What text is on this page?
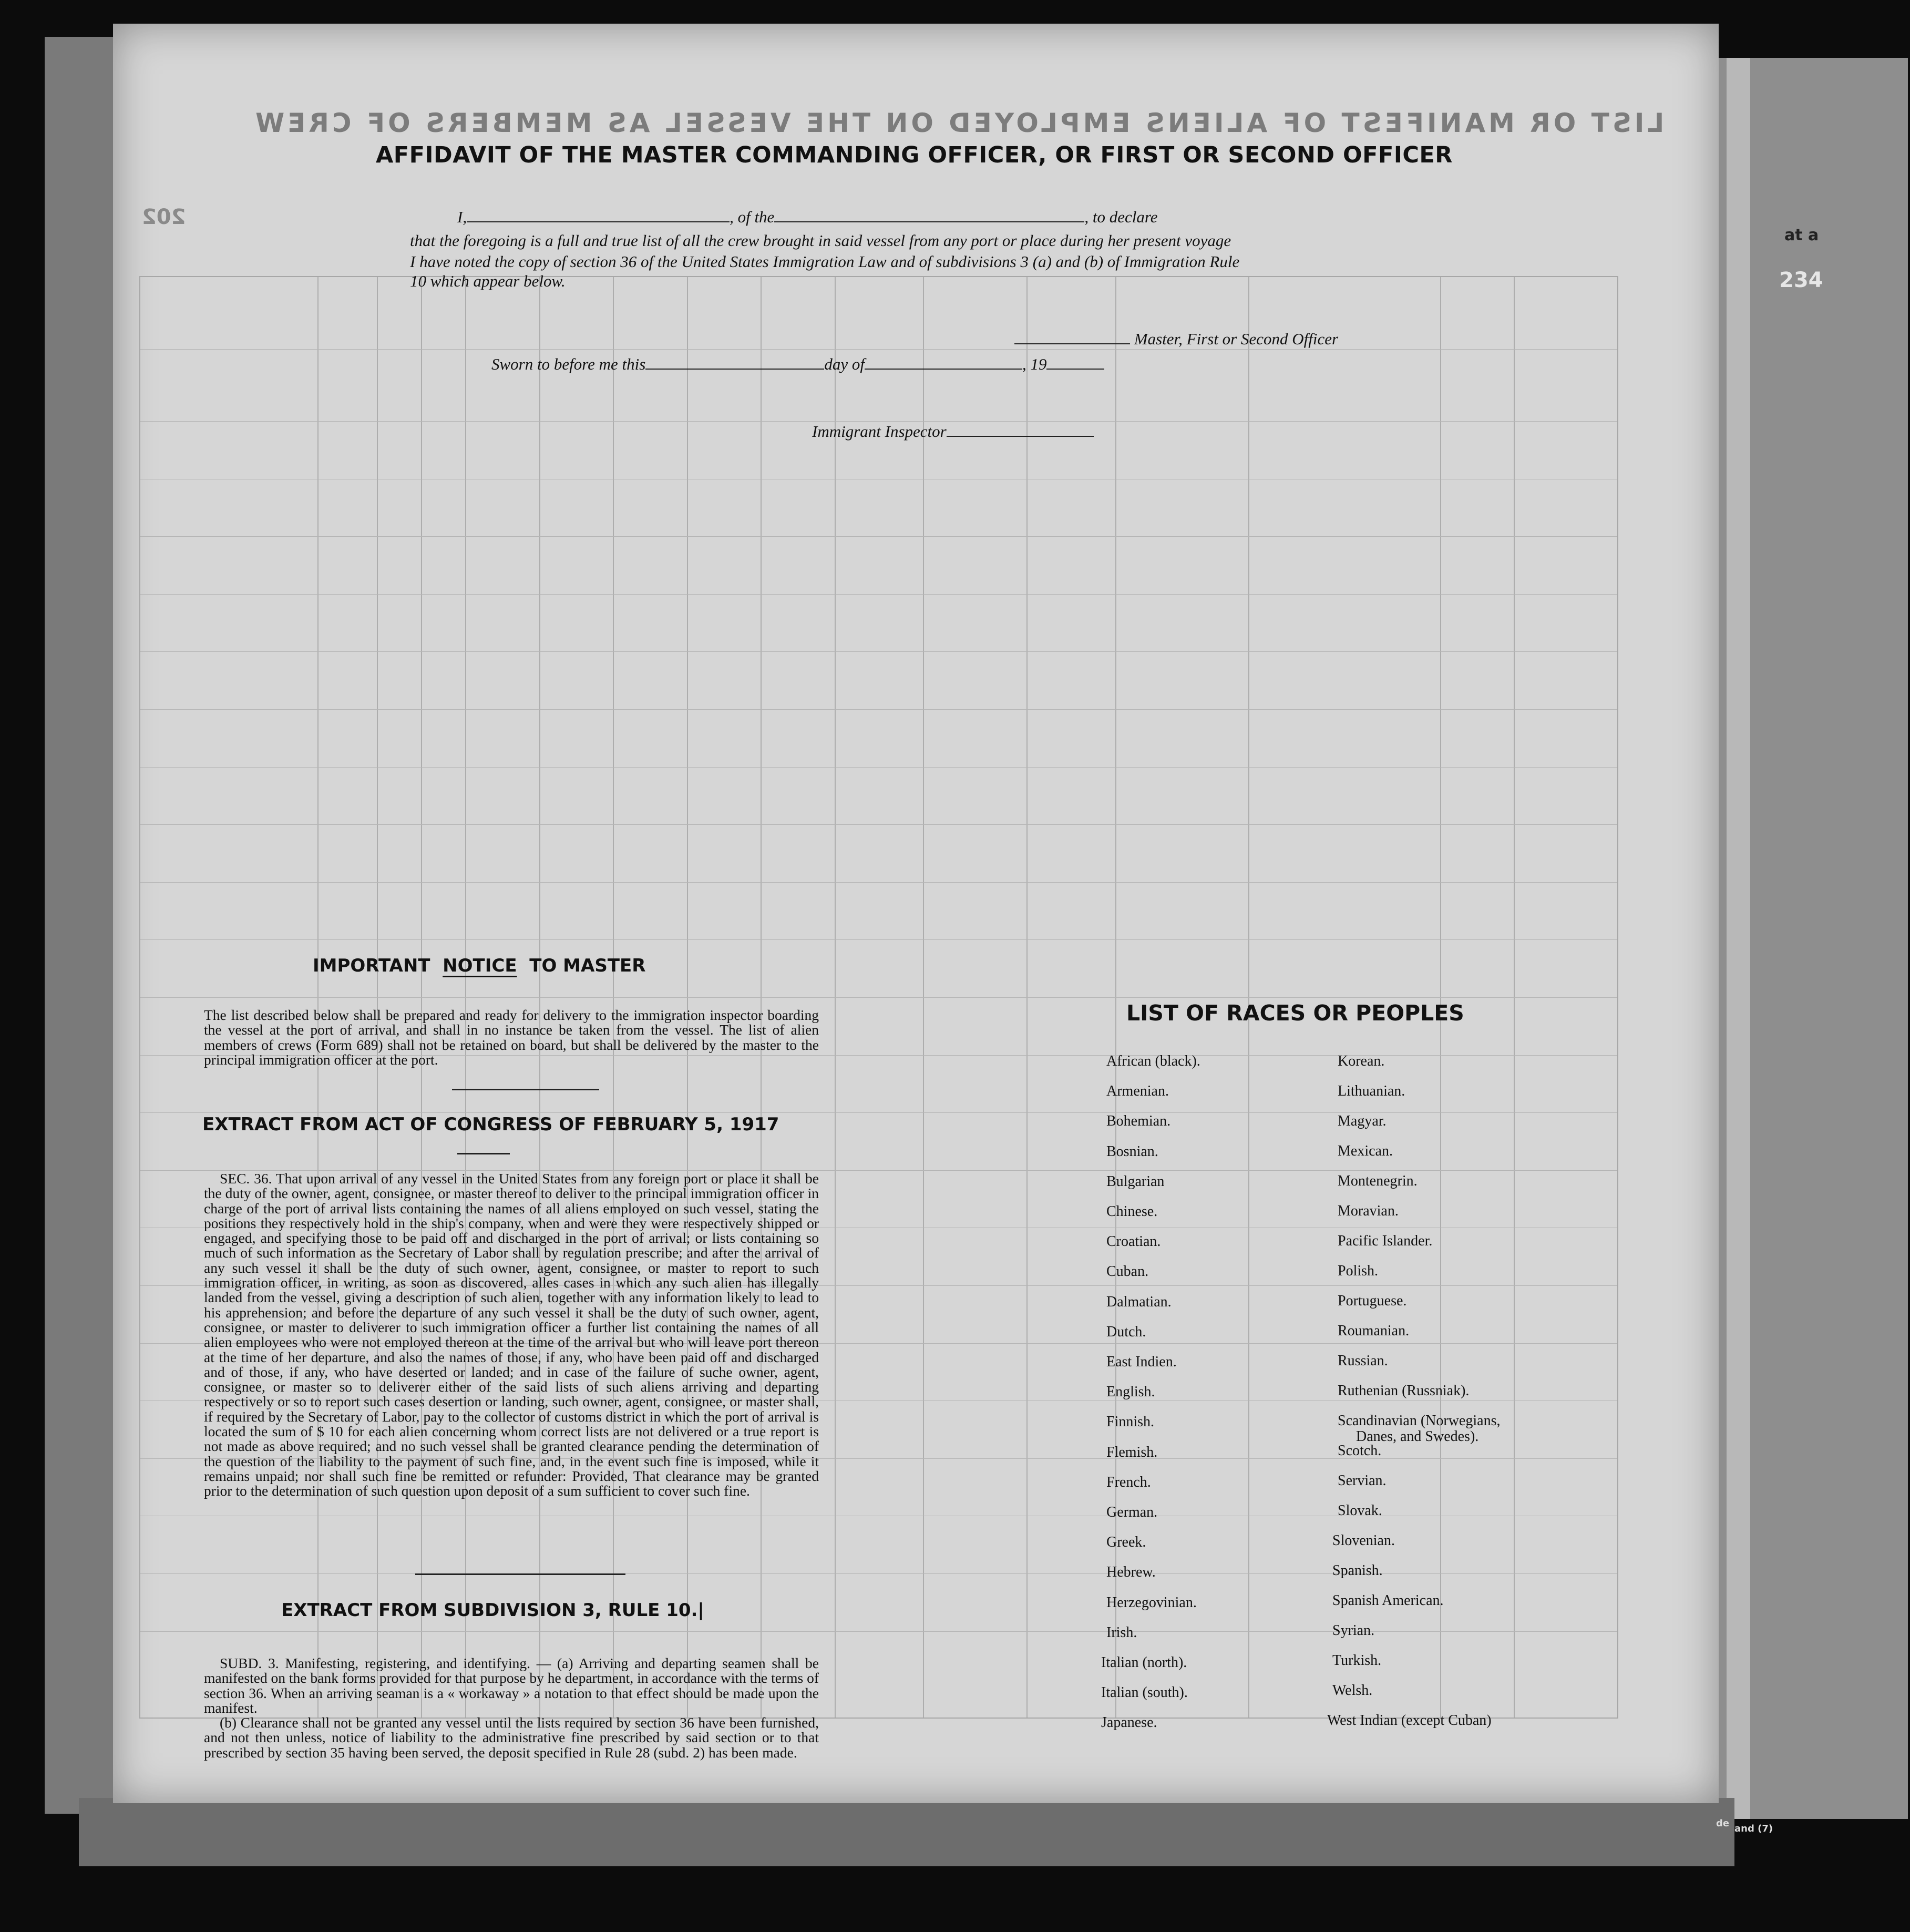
at a
234
de and (7)
LIST OR MANIFEST OF ALIENS EMPLOYED ON THE VESSEL AS MEMBERS OF CREW
202
AFFIDAVIT OF THE MASTER COMMANDING OFFICER, OR FIRST OR SECOND OFFICER
I,	, of the	, to declare
that the foregoing is a full and true list of all the crew brought in said vessel from any port or place during her present voyage
I have noted the copy of section 36 of the United States Immigration Law and of subdivisions 3 (a) and (b) of Immigration Rule
10 which appear below.
Master, First or Second Officer
Sworn to before me this	day of	, 19
Immigrant Inspector
IMPORTANT NOTICE TO MASTER
The list described below shall be prepared and ready for delivery to the immigration inspector boarding the vessel at the port of arrival, and shall in no instance be taken from the vessel. The list of alien members of crews (Form 689) shall not be retained on board, but shall be delivered by the master to the principal immigration officer at the port.
EXTRACT FROM ACT OF CONGRESS OF FEBRUARY 5, 1917
SEC. 36. That upon arrival of any vessel in the United States from any foreign port or place it shall be the duty of the owner, agent, consignee, or master thereof to deliver to the principal immigration officer in charge of the port of arrival lists containing the names of all aliens employed on such vessel, stating the positions they respectively hold in the ship's company, when and were they were respectively shipped or engaged, and specifying those to be paid off and discharged in the port of arrival; or lists containing so much of such information as the Secretary of Labor shall by regulation prescribe; and after the arrival of any such vessel it shall be the duty of such owner, agent, consignee, or master to report to such immigration officer, in writing, as soon as discovered, alles cases in which any such alien has illegally landed from the vessel, giving a description of such alien, together with any information likely to lead to his apprehension; and before the departure of any such vessel it shall be the duty of such owner, agent, consignee, or master to deliverer to such immigration officer a further list containing the names of all alien employees who were not employed thereon at the time of the arrival but who will leave port thereon at the time of her departure, and also the names of those, if any, who have been paid off and discharged and of those, if any, who have deserted or landed; and in case of the failure of suche owner, agent, consignee, or master so to deliverer either of the said lists of such aliens arriving and departing respectively or so to report such cases desertion or landing, such owner, agent, consignee, or master shall, if required by the Secretary of Labor, pay to the collector of customs district in which the port of arrival is located the sum of $ 10 for each alien concerning whom correct lists are not delivered or a true report is not made as above required; and no such vessel shall be granted clearance pending the determination of the question of the liability to the payment of such fine, and, in the event such fine is imposed, while it remains unpaid; nor shall such fine be remitted or refunder: Provided, That clearance may be granted prior to the determination of such question upon deposit of a sum sufficient to cover such fine.
EXTRACT FROM SUBDIVISION 3, RULE 10.|
SUBD. 3. Manifesting, registering, and identifying. — (a) Arriving and departing seamen shall be manifested on the bank forms provided for that purpose by he department, in accordance with the terms of section 36. When an arriving seaman is a « workaway » a notation to that effect should be made upon the manifest.
(b) Clearance shall not be granted any vessel until the lists required by section 36 have been furnished, and not then unless, notice of liability to the administrative fine prescribed by said section or to that prescribed by section 35 having been served, the deposit specified in Rule 28 (subd. 2) has been made.
LIST OF RACES OR PEOPLES
African (black).
Armenian.
Bohemian.
Bosnian.
Bulgarian
Chinese.
Croatian.
Cuban.
Dalmatian.
Dutch.
East Indien.
English.
Finnish.
Flemish.
French.
German.
Greek.
Hebrew.
Herzegovinian.
Irish.
Italian (north).
Italian (south).
Japanese.
Korean.
Lithuanian.
Magyar.
Mexican.
Montenegrin.
Moravian.
Pacific Islander.
Polish.
Portuguese.
Roumanian.
Russian.
Ruthenian (Russniak).
Scandinavian (Norwegians,
Danes, and Swedes).
Scotch.
Servian.
Slovak.
Slovenian.
Spanish.
Spanish American.
Syrian.
Turkish.
Welsh.
West Indian (except Cuban)
